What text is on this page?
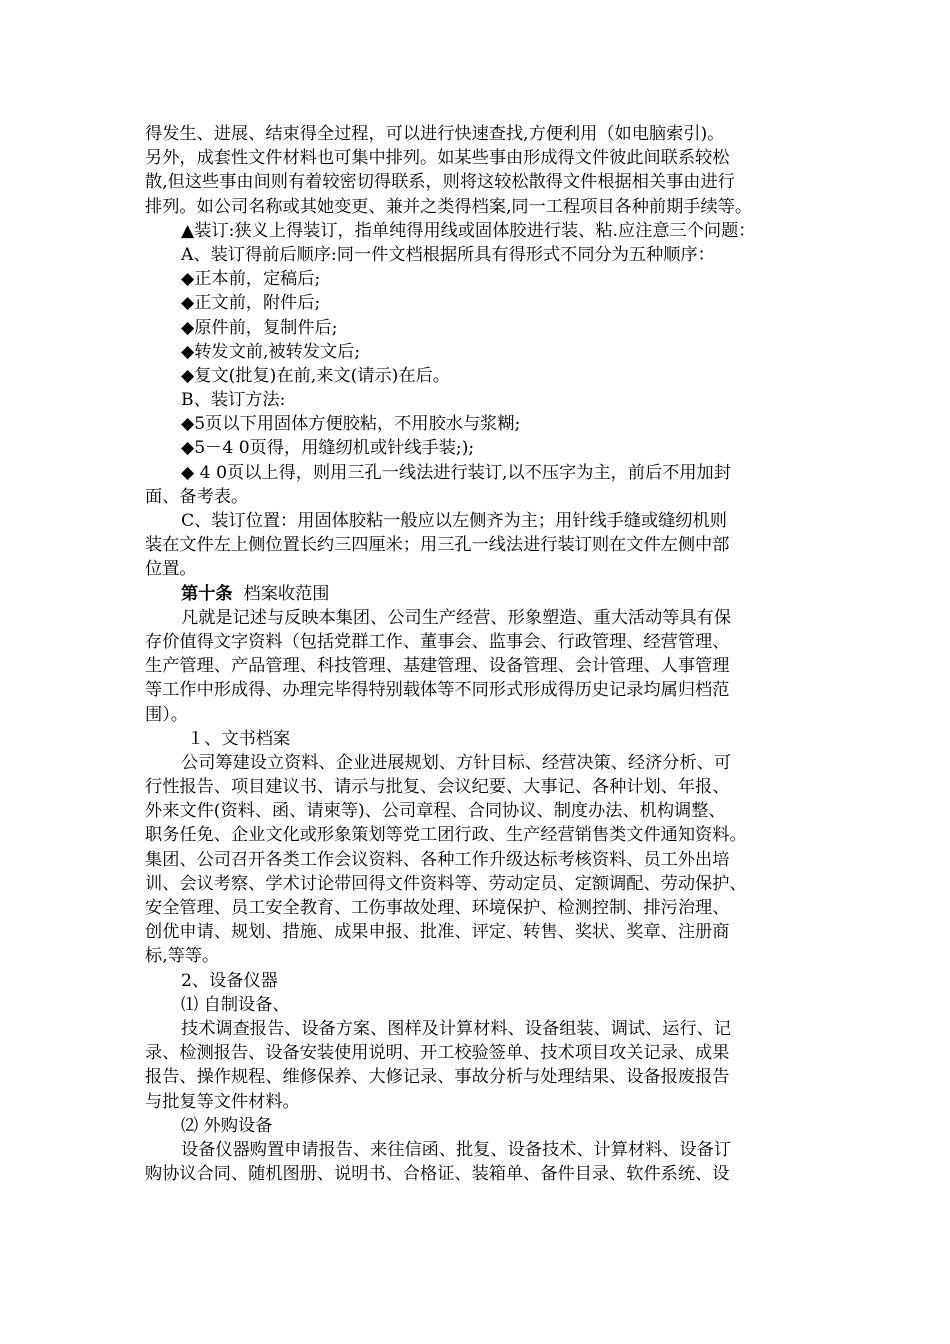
得发生、进展、结束得全过程，可以进行快速查找,方便利用（如电脑索引)。
另外，成套性文件材料也可集中排列。如某些事由形成得文件彼此间联系较松
散,但这些事由间则有着较密切得联系，则将这较松散得文件根据相关事由进行
排列。如公司名称或其她变更、兼并之类得档案,同一工程项目各种前期手续等。
▲装订:狭义上得装订，指单纯得用线或固体胶进行装、粘.应注意三个问题：
A、装订得前后顺序:同一件文档根据所具有得形式不同分为五种顺序：
◆正本前，定稿后;
◆正文前，附件后;
◆原件前，复制件后;
◆转发文前,被转发文后;
◆复文(批复)在前,来文(请示)在后。
B、装订方法:
◆5页以下用固体方便胶粘，不用胶水与浆糊;
◆5－4 0页得，用缝纫机或针线手装;);
◆ 4 0页以上得，则用三孔一线法进行装订,以不压字为主，前后不用加封
面、备考表。
C、装订位置：用固体胶粘一般应以左侧齐为主；用针线手缝或缝纫机则
装在文件左上侧位置长约三四厘米；用三孔一线法进行装订则在文件左侧中部
位置。
第十条 档案收范围
凡就是记述与反映本集团、公司生产经营、形象塑造、重大活动等具有保
存价值得文字资料（包括党群工作、董事会、监事会、行政管理、经营管理、
生产管理、产品管理、科技管理、基建管理、设备管理、会计管理、人事管理
等工作中形成得、办理完毕得特别载体等不同形式形成得历史记录均属归档范
围）。
１、文书档案
公司筹建设立资料、企业进展规划、方针目标、经营决策、经济分析、可
行性报告、项目建议书、请示与批复、会议纪要、大事记、各种计划、年报、
外来文件(资料、函、请柬等)、公司章程、合同协议、制度办法、机构调整、
职务任免、企业文化或形象策划等党工团行政、生产经营销售类文件通知资料。
集团、公司召开各类工作会议资料、各种工作升级达标考核资料、员工外出培
训、会议考察、学术讨论带回得文件资料等、劳动定员、定额调配、劳动保护、
安全管理、员工安全教育、工伤事故处理、环境保护、检测控制、排污治理、
创优申请、规划、措施、成果申报、批准、评定、转售、奖状、奖章、注册商
标,等等。
2、设备仪器
⑴ 自制设备、
技术调查报告、设备方案、图样及计算材料、设备组装、调试、运行、记
录、检测报告、设备安装使用说明、开工校验签单、技术项目攻关记录、成果
报告、操作规程、维修保养、大修记录、事故分析与处理结果、设备报废报告
与批复等文件材料。
⑵ 外购设备
设备仪器购置申请报告、来往信函、批复、设备技术、计算材料、设备订
购协议合同、随机图册、说明书、合格证、装箱单、备件目录、软件系统、设
